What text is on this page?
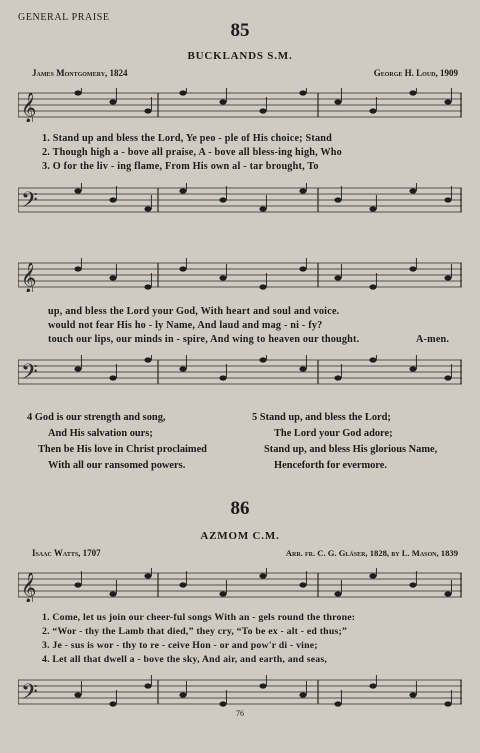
GENERAL PRAISE
85
BUCKLANDS S.M.
James Montgomery, 1824	George H. Loud, 1909
𝄞
1. Stand up and bless the Lord, Ye peo - ple of His choice; Stand
2. Though high a - bove all praise, A - bove all bless-ing high, Who
3. O for the liv - ing flame, From His own al - tar brought, To
𝄢
𝄞
up, and bless the Lord your God, With heart and soul and voice.
would not fear His ho - ly Name, And laud and mag - ni - fy?
touch our lips, our minds in - spire, And wing to heaven our thought.	A-men.
𝄢
4 God is our strength and song,
And His salvation ours;
Then be His love in Christ proclaimed
With all our ransomed powers.
5 Stand up, and bless the Lord;
The Lord your God adore;
Stand up, and bless His glorious Name,
Henceforth for evermore.
86
AZMOM C.M.
Isaac Watts, 1707	Arr. fr. C. G. Gläser, 1828, by L. Mason, 1839
𝄞
1. Come, let us join our cheer-ful songs With an - gels round the throne:
2. “Wor - thy the Lamb that died,” they cry, “To be ex - alt - ed thus;”
3. Je - sus is wor - thy to re - ceive Hon - or and pow'r di - vine;
4. Let all that dwell a - bove the sky, And air, and earth, and seas,
𝄢
76
